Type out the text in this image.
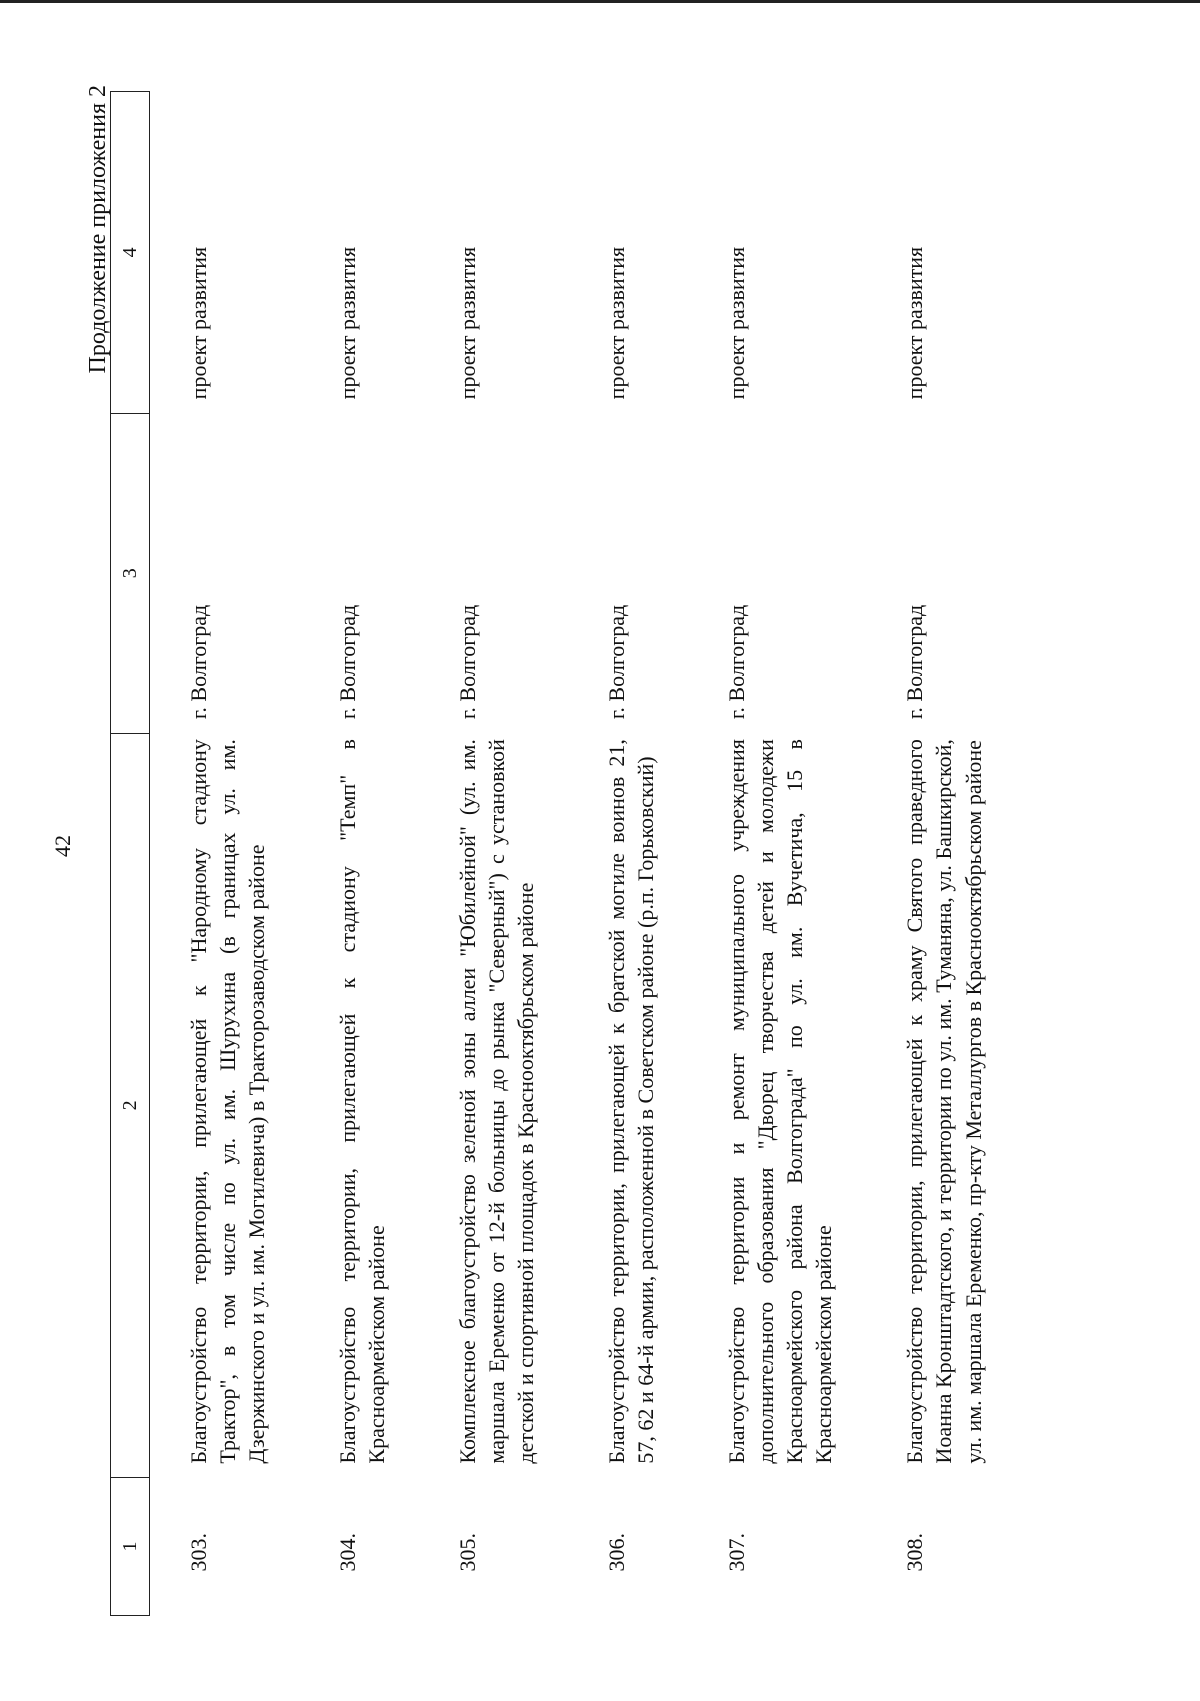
42
Продолжение приложения 2
1	2	3	4
303.	Благоустройство территории, прилегающей к "Народному стадиону Трактор", в том числе по ул. им. Шурухина (в границах ул. им. Дзержинского и ул. им. Могилевича) в Тракторозаводском районе	г. Волгоград	проект развития
304.	Благоустройство территории, прилегающей к стадиону "Темп" в Красноармейском районе	г. Волгоград	проект развития
305.	Комплексное благоустройство зеленой зоны аллеи "Юбилейной" (ул. им. маршала Еременко от 12-й больницы до рынка "Северный") с установкой детской и спортивной площадок в Краснооктябрьском районе	г. Волгоград	проект развития
306.	Благоустройство территории, прилегающей к братской могиле воинов 21, 57, 62 и 64-й армии, расположенной в Советском районе (р.п. Горьковский)	г. Волгоград	проект развития
307.	Благоустройство территории и ремонт муниципального учреждения дополнительного образования "Дворец творчества детей и молодежи Красноармейского района Волгограда" по ул. им. Вучетича, 15 в Красноармейском районе	г. Волгоград	проект развития
308.	Благоустройство территории, прилегающей к храму Святого праведного Иоанна Кронштадтского, и территории по ул. им. Туманяна, ул. Башкирской, ул. им. маршала Еременко, пр-кту Металлургов в Краснооктябрьском районе	г. Волгоград	проект развития
